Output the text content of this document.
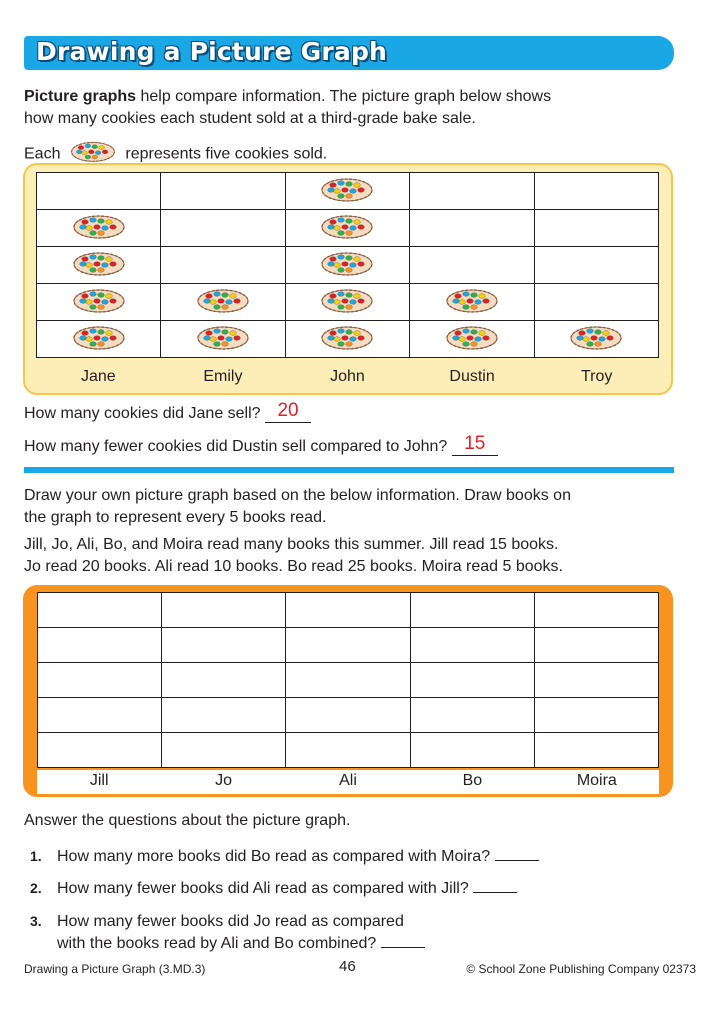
Drawing a Picture Graph
Picture graphs help compare information. The picture graph below shows
how many cookies each student sold at a third-grade bake sale.
Each	represents five cookies sold.

Jane	Emily	John	Dustin	Troy
How many cookies did Jane sell? 20
How many fewer cookies did Dustin sell compared to John? 15
Draw your own picture graph based on the below information. Draw books on
the graph to represent every 5 books read.
Jill, Jo, Ali, Bo, and Moira read many books this summer. Jill read 15 books.
Jo read 20 books. Ali read 10 books. Bo read 25 books. Moira read 5 books.

Jill	Jo	Ali	Bo	Moira
Answer the questions about the picture graph.
1. How many more books did Bo read as compared with Moira?
2. How many fewer books did Ali read as compared with Jill?
3. How many fewer books did Jo read as compared
with the books read by Ali and Bo combined?
Drawing a Picture Graph (3.MD.3)	46	© School Zone Publishing Company 02373
